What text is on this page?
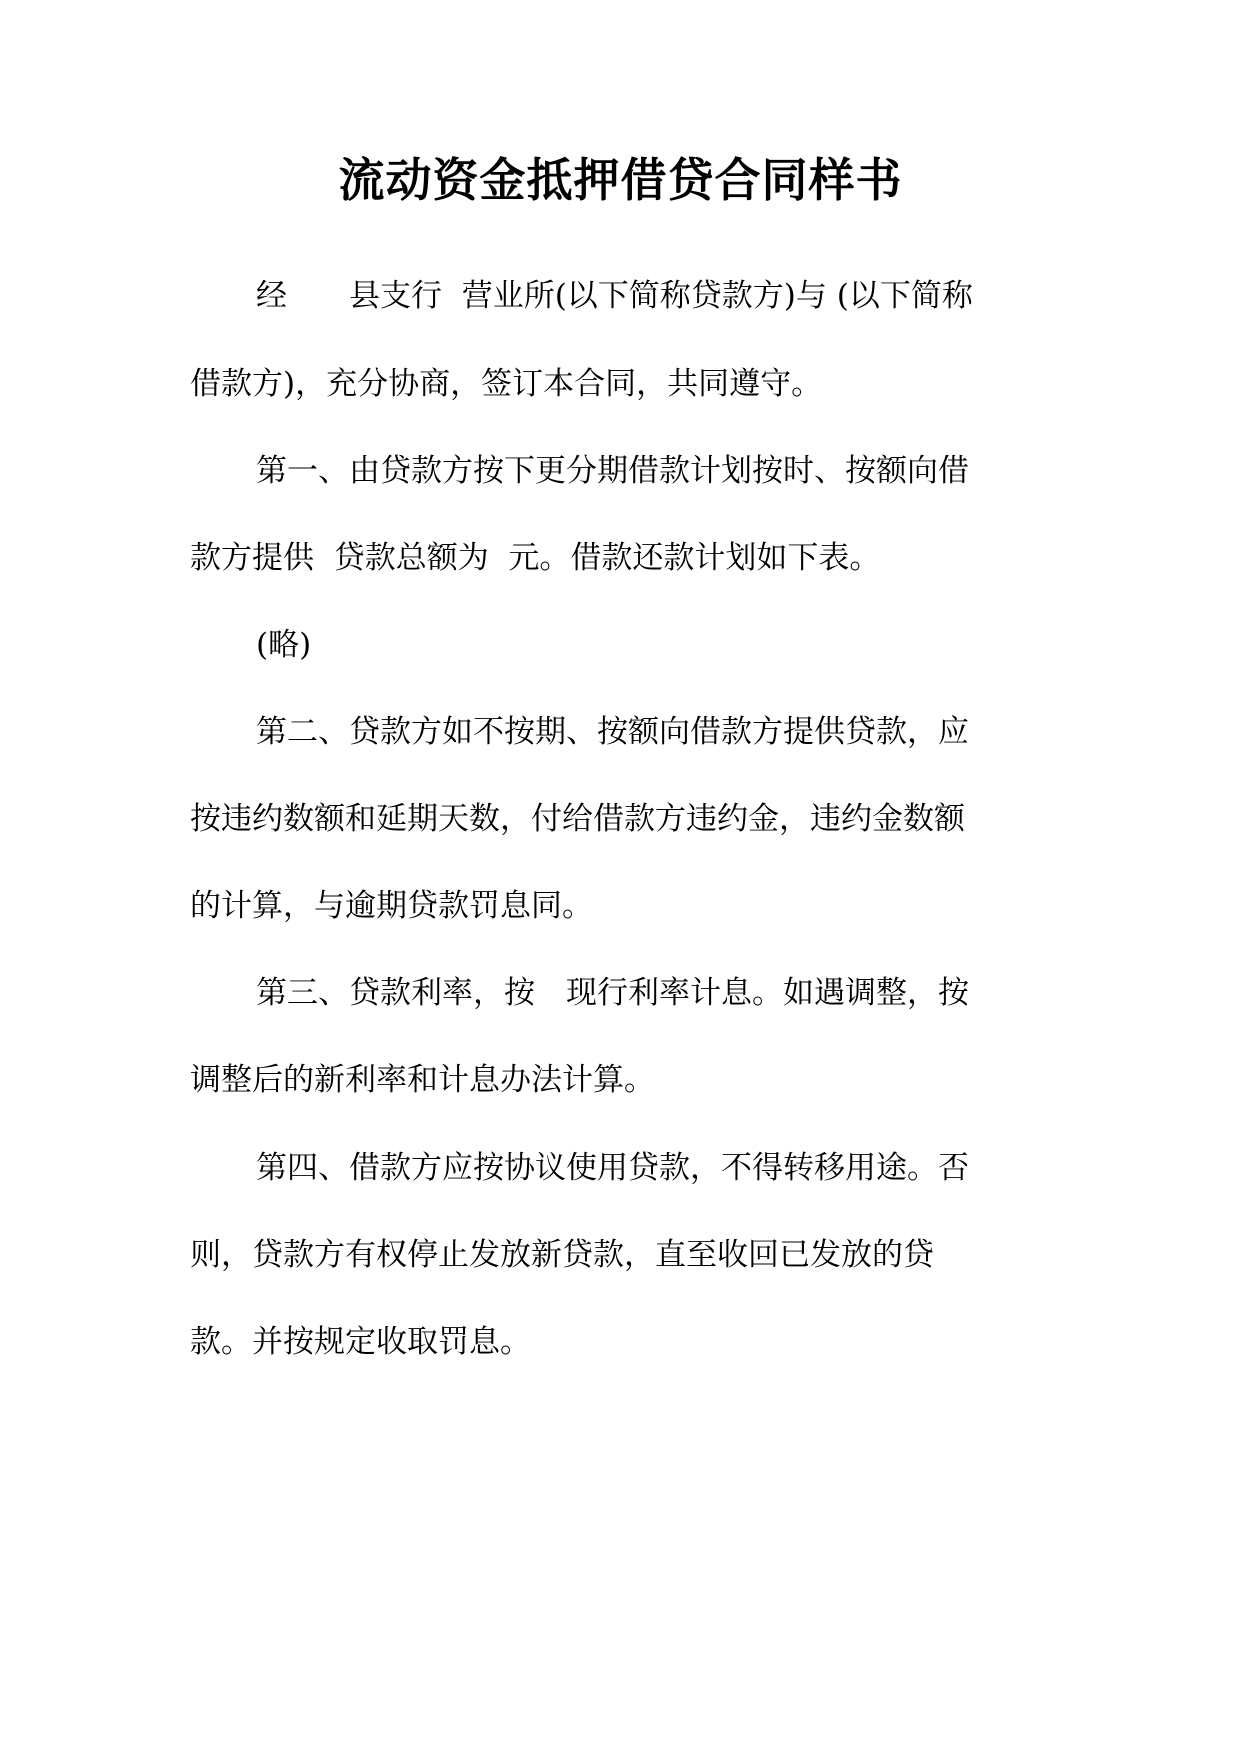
流动资金抵押借贷合同样书
经　　县支行  营业所(以下简称贷款方)与 (以下简称
借款方)，充分协商，签订本合同，共同遵守。
第一、由贷款方按下更分期借款计划按时、按额向借
款方提供  贷款总额为  元。借款还款计划如下表。
(略)
第二、贷款方如不按期、按额向借款方提供贷款，应
按违约数额和延期天数，付给借款方违约金，违约金数额
的计算，与逾期贷款罚息同。
第三、贷款利率，按　现行利率计息。如遇调整，按
调整后的新利率和计息办法计算。
第四、借款方应按协议使用贷款，不得转移用途。否
则，贷款方有权停止发放新贷款，直至收回已发放的贷
款。并按规定收取罚息。
